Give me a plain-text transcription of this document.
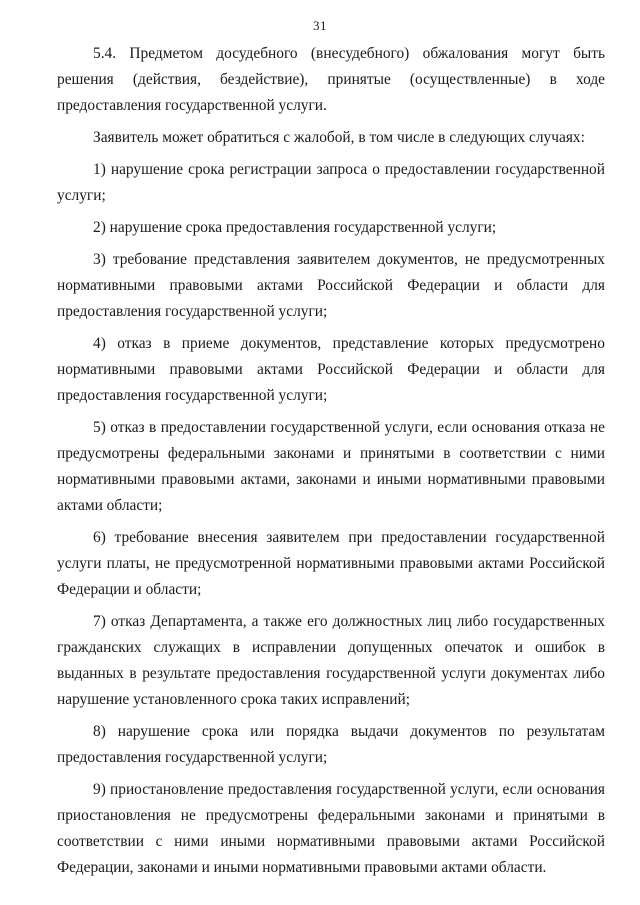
31

5.4. Предметом досудебного (внесудебного) обжалования могут быть решения (действия, бездействие), принятые (осуществленные) в ходе предоставления государственной услуги.

Заявитель может обратиться с жалобой, в том числе в следующих случаях:

1) нарушение срока регистрации запроса о предоставлении государственной услуги;

2) нарушение срока предоставления государственной услуги;

3) требование представления заявителем документов, не предусмотренных нормативными правовыми актами Российской Федерации и области для предоставления государственной услуги;

4) отказ в приеме документов, представление которых предусмотрено нормативными правовыми актами Российской Федерации и области для предоставления государственной услуги;

5) отказ в предоставлении государственной услуги, если основания отказа не предусмотрены федеральными законами и принятыми в соответствии с ними нормативными правовыми актами, законами и иными нормативными правовыми актами области;

6) требование внесения заявителем при предоставлении государственной услуги платы, не предусмотренной нормативными правовыми актами Российской Федерации и области;

7) отказ Департамента, а также его должностных лиц либо государственных гражданских служащих в исправлении допущенных опечаток и ошибок в выданных в результате предоставления государственной услуги документах либо нарушение установленного срока таких исправлений;

8) нарушение срока или порядка выдачи документов по результатам предоставления государственной услуги;

9) приостановление предоставления государственной услуги, если основания приостановления не предусмотрены федеральными законами и принятыми в соответствии с ними иными нормативными правовыми актами Российской Федерации, законами и иными нормативными правовыми актами области.
